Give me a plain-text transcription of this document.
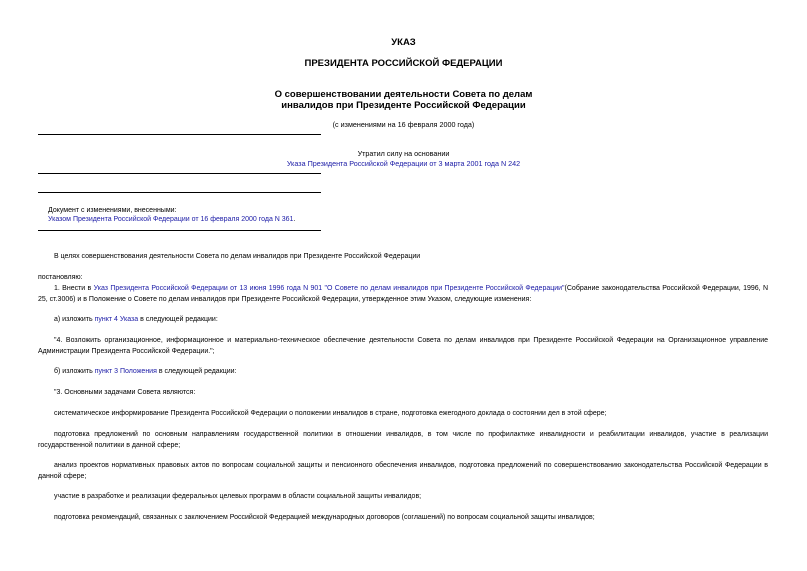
УКАЗ
ПРЕЗИДЕНТА РОССИЙСКОЙ ФЕДЕРАЦИИ
О совершенствовании деятельности Совета по делам
инвалидов при Президенте Российской Федерации
(с изменениями на 16 февраля 2000 года)
Утратил силу на основании
Указа Президента Российской Федерации от 3 марта 2001 года N 242
Документ с изменениями, внесенными:
Указом Президента Российской Федерации от 16 февраля 2000 года N 361.
В целях совершенствования деятельности Совета по делам инвалидов при Президенте Российской Федерации
постановляю:
1. Внести в Указ Президента Российской Федерации от 13 июня 1996 года N 901 "О Совете по делам инвалидов при Президенте Российской Федерации"(Собрание законодательства Российской Федерации, 1996, N 25, ст.3006) и в Положение о Совете по делам инвалидов при Президенте Российской Федерации, утвержденное этим Указом, следующие изменения:
а) изложить пункт 4 Указа в следующей редакции:
"4. Возложить организационное, информационное и материально-техническое обеспечение деятельности Совета по делам инвалидов при Президенте Российской Федерации на Организационное управление Администрации Президента Российской Федерации.";
б) изложить пункт 3 Положения в следующей редакции:
"3. Основными задачами Совета являются:
систематическое информирование Президента Российской Федерации о положении инвалидов в стране, подготовка ежегодного доклада о состоянии дел в этой сфере;
подготовка предложений по основным направлениям государственной политики в отношении инвалидов, в том числе по профилактике инвалидности и реабилитации инвалидов, участие в реализации государственной политики в данной сфере;
анализ проектов нормативных правовых актов по вопросам социальной защиты и пенсионного обеспечения инвалидов, подготовка предложений по совершенствованию законодательства Российской Федерации в данной сфере;
участие в разработке и реализации федеральных целевых программ в области социальной защиты инвалидов;
подготовка рекомендаций, связанных с заключением Российской Федерацией международных договоров (соглашений) по вопросам социальной защиты инвалидов;
